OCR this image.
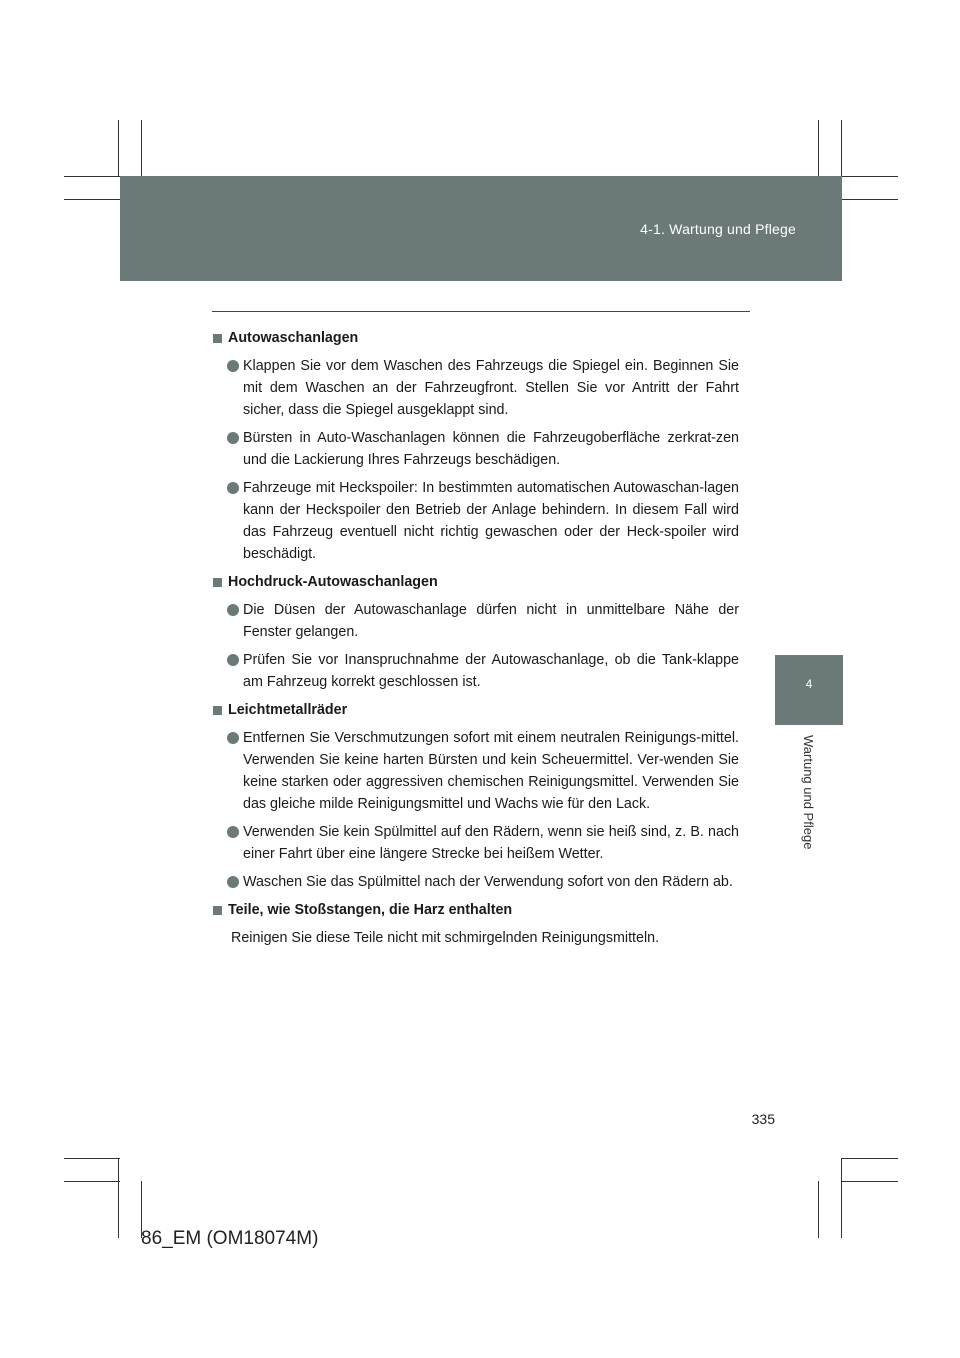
4-1. Wartung und Pflege
4
Wartung und Pflege
Autowaschanlagen
Klappen Sie vor dem Waschen des Fahrzeugs die Spiegel ein. Beginnen Sie mit dem Waschen an der Fahrzeugfront. Stellen Sie vor Antritt der Fahrt sicher, dass die Spiegel ausgeklappt sind.
Bürsten in Auto-Waschanlagen können die Fahrzeugoberfläche zerkrat-zen und die Lackierung Ihres Fahrzeugs beschädigen.
Fahrzeuge mit Heckspoiler: In bestimmten automatischen Autowaschan-lagen kann der Heckspoiler den Betrieb der Anlage behindern. In diesem Fall wird das Fahrzeug eventuell nicht richtig gewaschen oder der Heck-spoiler wird beschädigt.
Hochdruck-Autowaschanlagen
Die Düsen der Autowaschanlage dürfen nicht in unmittelbare Nähe der Fenster gelangen.
Prüfen Sie vor Inanspruchnahme der Autowaschanlage, ob die Tank-klappe am Fahrzeug korrekt geschlossen ist.
Leichtmetallräder
Entfernen Sie Verschmutzungen sofort mit einem neutralen Reinigungs-mittel. Verwenden Sie keine harten Bürsten und kein Scheuermittel. Ver-wenden Sie keine starken oder aggressiven chemischen Reinigungsmittel. Verwenden Sie das gleiche milde Reinigungsmittel und Wachs wie für den Lack.
Verwenden Sie kein Spülmittel auf den Rädern, wenn sie heiß sind, z. B. nach einer Fahrt über eine längere Strecke bei heißem Wetter.
Waschen Sie das Spülmittel nach der Verwendung sofort von den Rädern ab.
Teile, wie Stoßstangen, die Harz enthalten
Reinigen Sie diese Teile nicht mit schmirgelnden Reinigungsmitteln.
335
86_EM (OM18074M)
